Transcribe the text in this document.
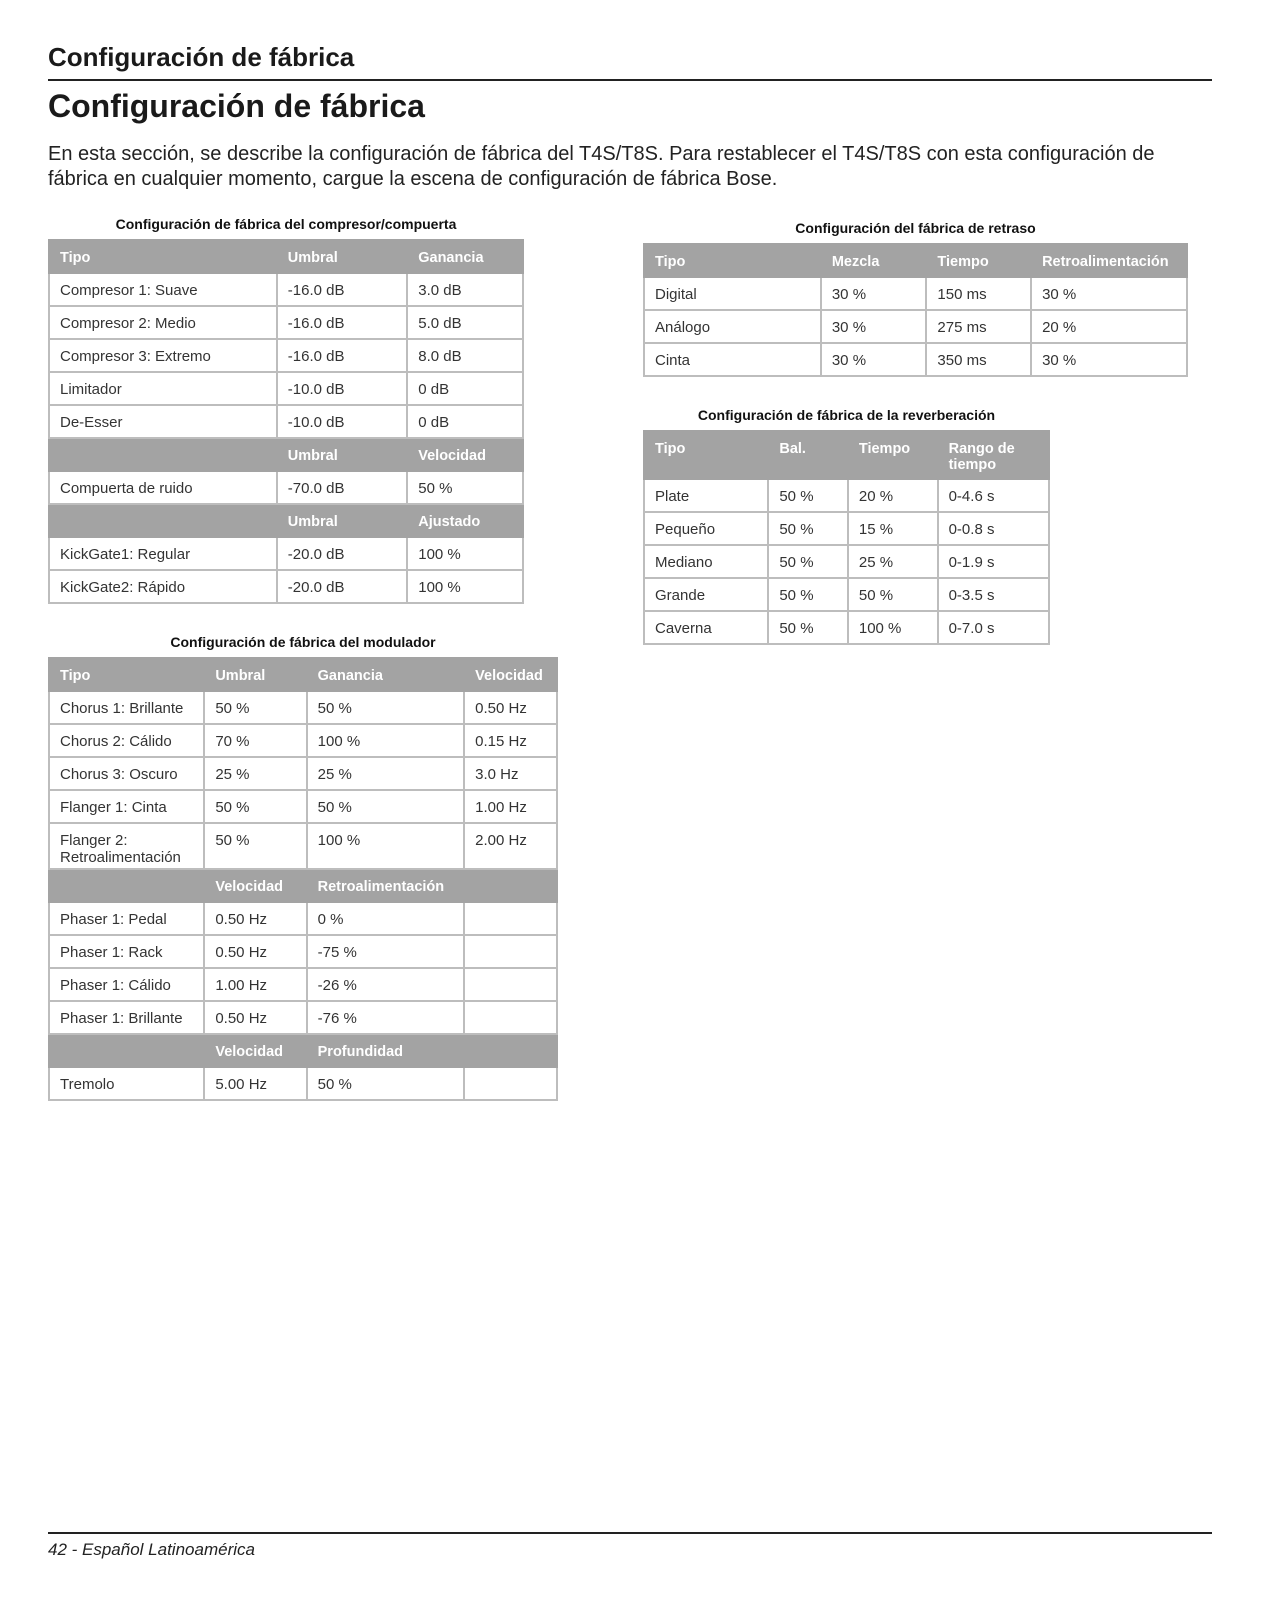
Configuración de fábrica
Configuración de fábrica

En esta sección, se describe la configuración de fábrica del T4S/T8S. Para restablecer el T4S/T8S con esta configuración de fábrica en cualquier momento, cargue la escena de configuración de fábrica Bose.

Configuración de fábrica del compresor/compuerta
Tipo	Umbral	Ganancia
Compresor 1: Suave	-16.0 dB	3.0 dB
Compresor 2: Medio	-16.0 dB	5.0 dB
Compresor 3: Extremo	-16.0 dB	8.0 dB
Limitador	-10.0 dB	0 dB
De-Esser	-10.0 dB	0 dB
	Umbral	Velocidad
Compuerta de ruido	-70.0 dB	50 %
	Umbral	Ajustado
KickGate1: Regular	-20.0 dB	100 %
KickGate2: Rápido	-20.0 dB	100 %
Configuración de fábrica del modulador
Tipo	Umbral	Ganancia	Velocidad
Chorus 1: Brillante	50 %	50 %	0.50 Hz
Chorus 2: Cálido	70 %	100 %	0.15 Hz
Chorus 3: Oscuro	25 %	25 %	3.0 Hz
Flanger 1: Cinta	50 %	50 %	1.00 Hz
Flanger 2: Retroalimentación	50 %	100 %	2.00 Hz
	Velocidad	Retroalimentación	
Phaser 1: Pedal	0.50 Hz	0 %	
Phaser 1: Rack	0.50 Hz	-75 %	
Phaser 1: Cálido	1.00 Hz	-26 %	
Phaser 1: Brillante	0.50 Hz	-76 %	
	Velocidad	Profundidad	
Tremolo	5.00 Hz	50 %	
Configuración del fábrica de retraso
Tipo	Mezcla	Tiempo	Retroalimentación
Digital	30 %	150 ms	30 %
Análogo	30 %	275 ms	20 %
Cinta	30 %	350 ms	30 %
Configuración de fábrica de la reverberación
Tipo	Bal.	Tiempo	Rango de tiempo
Plate	50 %	20 %	0-4.6 s
Pequeño	50 %	15 %	0-0.8 s
Mediano	50 %	25 %	0-1.9 s
Grande	50 %	50 %	0-3.5 s
Caverna	50 %	100 %	0-7.0 s
42 - Español Latinoamérica
